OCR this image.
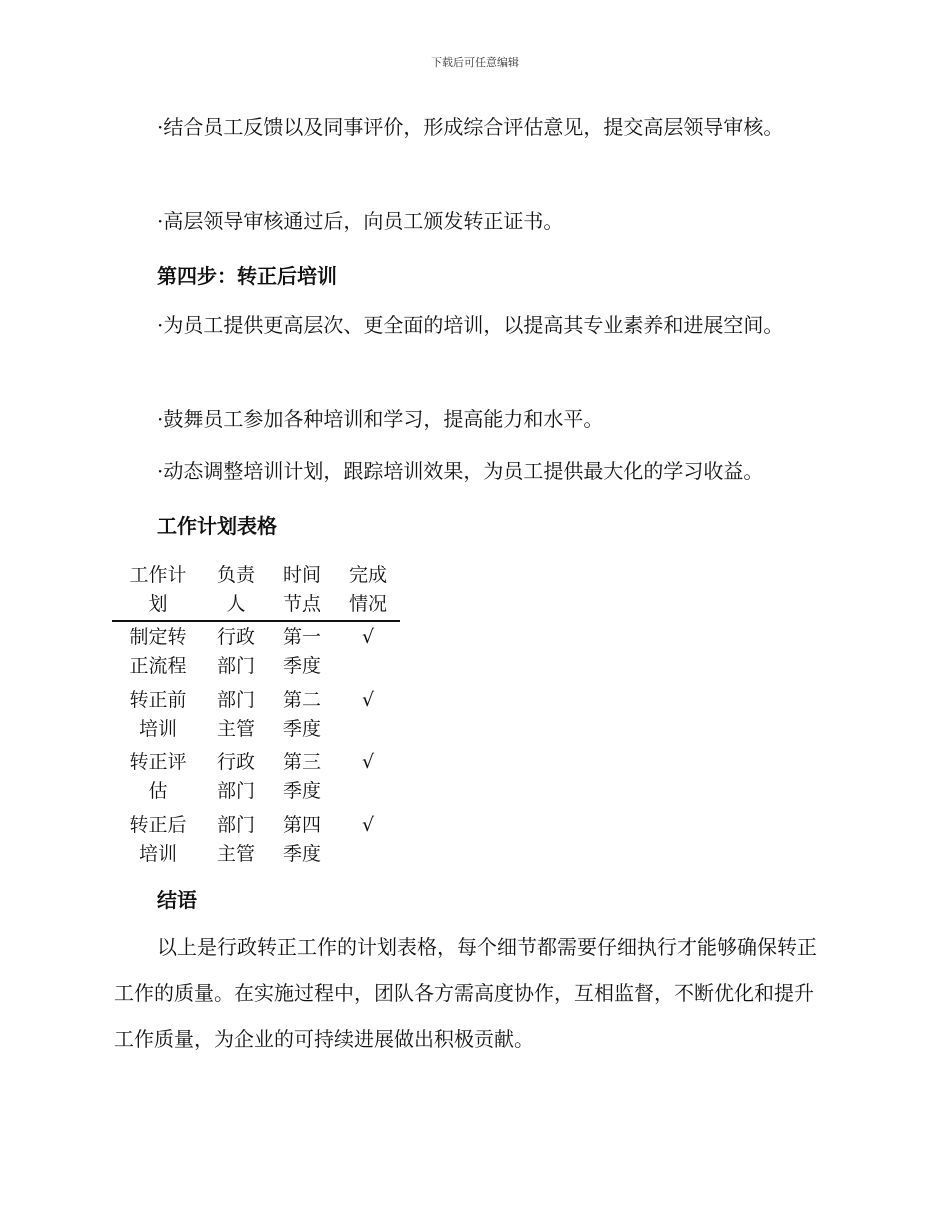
下载后可任意编辑
·结合员工反馈以及同事评价，形成综合评估意见，提交高层领导审核。
·高层领导审核通过后，向员工颁发转正证书。
第四步：转正后培训
·为员工提供更高层次、更全面的培训，以提高其专业素养和进展空间。
·鼓舞员工参加各种培训和学习，提高能力和水平。
·动态调整培训计划，跟踪培训效果，为员工提供最大化的学习收益。
工作计划表格
工作计
划
负责
人
时间
节点
完成
情况
制定转
正流程
行政
部门
第一
季度
√
转正前
培训
部门
主管
第二
季度
√
转正评
估
行政
部门
第三
季度
√
转正后
培训
部门
主管
第四
季度
√
结语
以上是行政转正工作的计划表格，每个细节都需要仔细执行才能够确保转正工作的质量。在实施过程中，团队各方需高度协作，互相监督，不断优化和提升工作质量，为企业的可持续进展做出积极贡献。
